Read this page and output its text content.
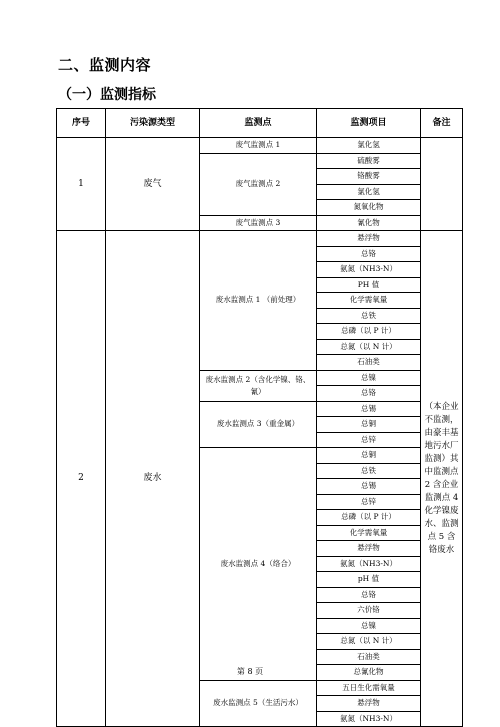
二、监测内容
（一）监测指标
序号	污染源类型	监测点	监测项目	备注
1	废气	废气监测点 1	氯化氢	
		废气监测点 2	硫酸雾	
			铬酸雾	
			氯化氢	
			氮氧化物	
		废气监测点 3	氰化物	
2	废水	废水监测点 1 （前处理）	悬浮物	（本企业不监测，由豪丰基地污水厂监测）其中监测点 2 含企业监测点 4 化学镍废水、监测点 5 含铬废水
			总铬	
			氨氮（NH3-N）	
			PH 值	
			化学需氧量	
			总铁	
			总磷（以 P 计）	
			总氮（以 N 计）	
			石油类	
		废水监测点 2（含化学镍、铬、氰）	总镍	
			总铬	
		废水监测点 3（重金属）	总锡	
			总铜	
			总锌	
		废水监测点 4（络合）	总铜	
			总铁	
			总锡	
			总锌	
			总磷（以 P 计）	
			化学需氧量	
			悬浮物	
			氨氮（NH3-N）	
			pH 值	
			总铬	
			六价铬	
			总镍	
			总氮（以 N 计）	
			石油类	
			总氰化物	
		废水监测点 5（生活污水）	五日生化需氧量	
			悬浮物	
			氨氮（NH3-N）	
第 8 页
